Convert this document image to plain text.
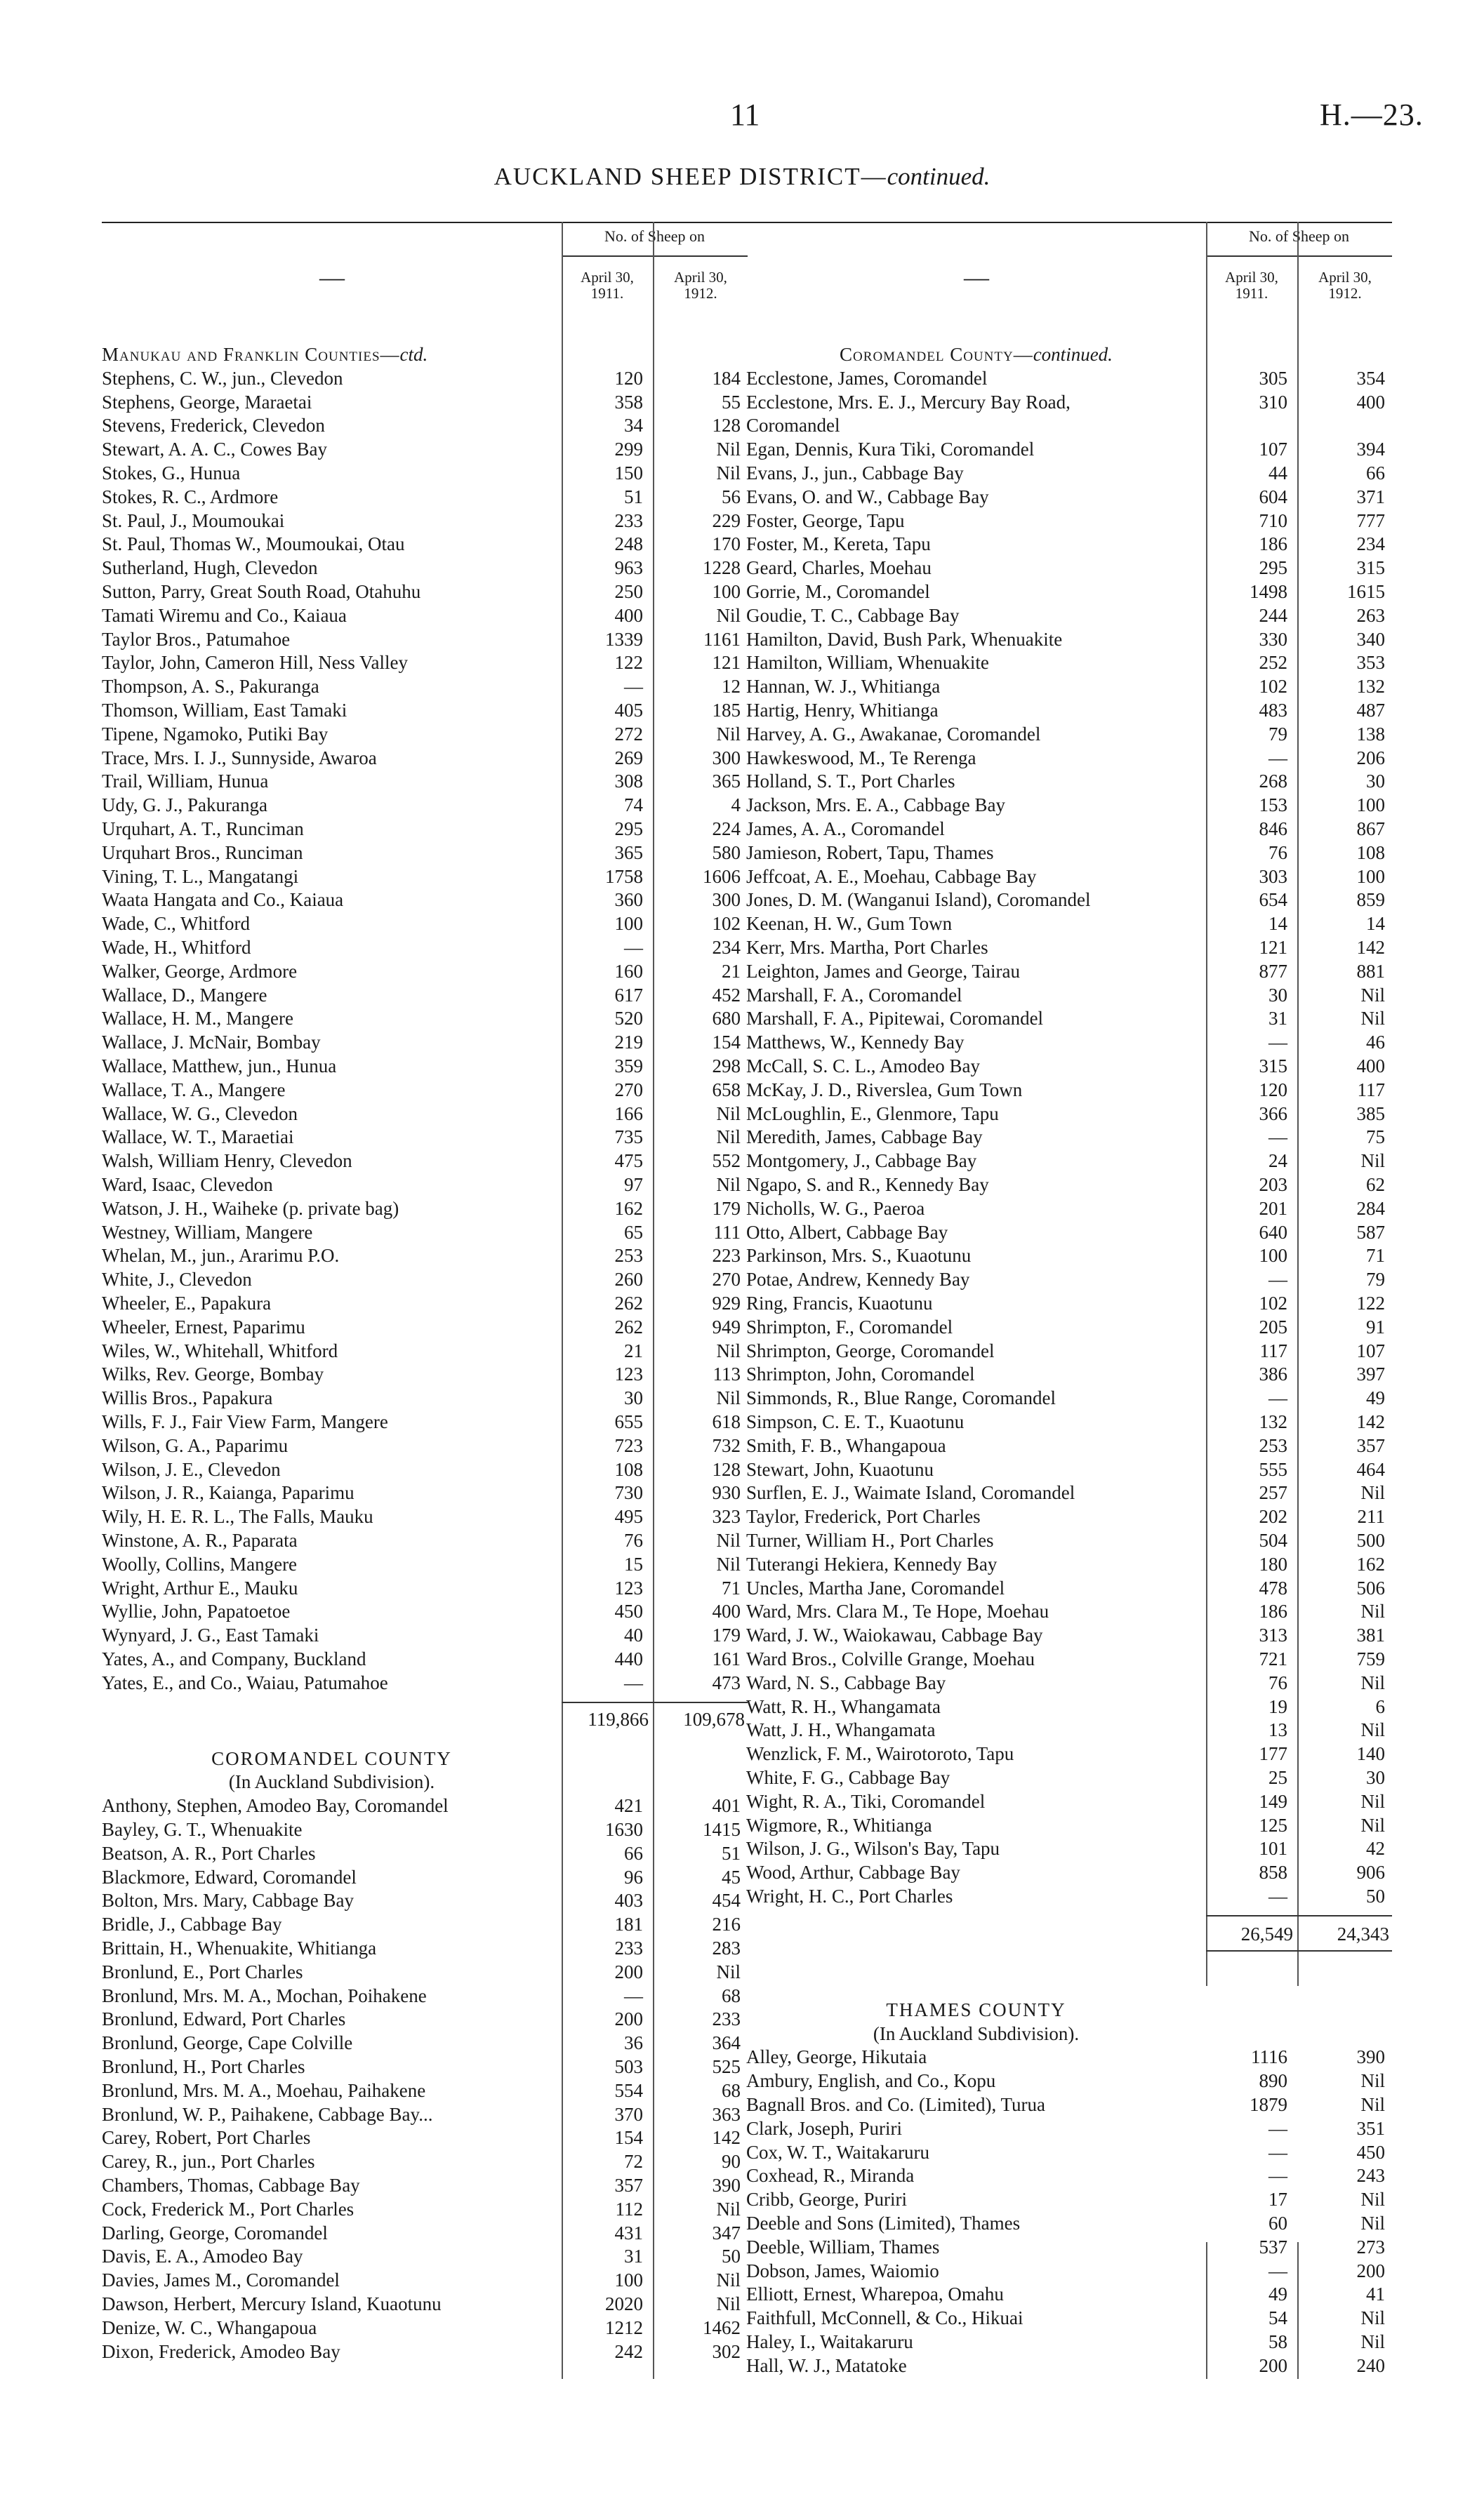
11	H.—23.
AUCKLAND SHEEP DISTRICT—continued.
—
No. of Sheep on
April 30, 1911.
April 30, 1912.
Manukau and Franklin Counties—ctd.
Stephens, C. W., jun., Clevedon	120	184
Stephens, George, Maraetai	358	55
Stevens, Frederick, Clevedon	34	128
Stewart, A. A. C., Cowes Bay	299	Nil
Stokes, G., Hunua	150	Nil
Stokes, R. C., Ardmore	51	56
St. Paul, J., Moumoukai	233	229
St. Paul, Thomas W., Moumoukai, Otau	248	170
Sutherland, Hugh, Clevedon	963	1228
Sutton, Parry, Great South Road, Otahuhu	250	100
Tamati Wiremu and Co., Kaiaua	400	Nil
Taylor Bros., Patumahoe	1339	1161
Taylor, John, Cameron Hill, Ness Valley	122	121
Thompson, A. S., Pakuranga	—	12
Thomson, William, East Tamaki	405	185
Tipene, Ngamoko, Putiki Bay	272	Nil
Trace, Mrs. I. J., Sunnyside, Awaroa	269	300
Trail, William, Hunua	308	365
Udy, G. J., Pakuranga	74	4
Urquhart, A. T., Runciman	295	224
Urquhart Bros., Runciman	365	580
Vining, T. L., Mangatangi	1758	1606
Waata Hangata and Co., Kaiaua	360	300
Wade, C., Whitford	100	102
Wade, H., Whitford	—	234
Walker, George, Ardmore	160	21
Wallace, D., Mangere	617	452
Wallace, H. M., Mangere	520	680
Wallace, J. McNair, Bombay	219	154
Wallace, Matthew, jun., Hunua	359	298
Wallace, T. A., Mangere	270	658
Wallace, W. G., Clevedon	166	Nil
Wallace, W. T., Maraetiai	735	Nil
Walsh, William Henry, Clevedon	475	552
Ward, Isaac, Clevedon	97	Nil
Watson, J. H., Waiheke (p. private bag)	162	179
Westney, William, Mangere	65	111
Whelan, M., jun., Ararimu P.O.	253	223
White, J., Clevedon	260	270
Wheeler, E., Papakura	262	929
Wheeler, Ernest, Paparimu	262	949
Wiles, W., Whitehall, Whitford	21	Nil
Wilks, Rev. George, Bombay	123	113
Willis Bros., Papakura	30	Nil
Wills, F. J., Fair View Farm, Mangere	655	618
Wilson, G. A., Paparimu	723	732
Wilson, J. E., Clevedon	108	128
Wilson, J. R., Kaianga, Paparimu	730	930
Wily, H. E. R. L., The Falls, Mauku	495	323
Winstone, A. R., Paparata	76	Nil
Woolly, Collins, Mangere	15	Nil
Wright, Arthur E., Mauku	123	71
Wyllie, John, Papatoetoe	450	400
Wynyard, J. G., East Tamaki	40	179
Yates, A., and Company, Buckland	440	161
Yates, E., and Co., Waiau, Patumahoe	—	473
119,866	109,678
COROMANDEL COUNTY
(In Auckland Subdivision).
Anthony, Stephen, Amodeo Bay, Coromandel	421	401
Bayley, G. T., Whenuakite	1630	1415
Beatson, A. R., Port Charles	66	51
Blackmore, Edward, Coromandel	96	45
Bolton, Mrs. Mary, Cabbage Bay	403	454
Bridle, J., Cabbage Bay	181	216
Brittain, H., Whenuakite, Whitianga	233	283
Bronlund, E., Port Charles	200	Nil
Bronlund, Mrs. M. A., Mochan, Poihakene	—	68
Bronlund, Edward, Port Charles	200	233
Bronlund, George, Cape Colville	36	364
Bronlund, H., Port Charles	503	525
Bronlund, Mrs. M. A., Moehau, Paihakene	554	68
Bronlund, W. P., Paihakene, Cabbage Bay...	370	363
Carey, Robert, Port Charles	154	142
Carey, R., jun., Port Charles	72	90
Chambers, Thomas, Cabbage Bay	357	390
Cock, Frederick M., Port Charles	112	Nil
Darling, George, Coromandel	431	347
Davis, E. A., Amodeo Bay	31	50
Davies, James M., Coromandel	100	Nil
Dawson, Herbert, Mercury Island, Kuaotunu	2020	Nil
Denize, W. C., Whangapoua	1212	1462
Dixon, Frederick, Amodeo Bay	242	302
—
No. of Sheep on
April 30, 1911.
April 30, 1912.
Coromandel County—continued.
Ecclestone, James, Coromandel	305	354
Ecclestone, Mrs. E. J., Mercury Bay Road,	310	400
Coromandel
Egan, Dennis, Kura Tiki, Coromandel	107	394
Evans, J., jun., Cabbage Bay	44	66
Evans, O. and W., Cabbage Bay	604	371
Foster, George, Tapu	710	777
Foster, M., Kereta, Tapu	186	234
Geard, Charles, Moehau	295	315
Gorrie, M., Coromandel	1498	1615
Goudie, T. C., Cabbage Bay	244	263
Hamilton, David, Bush Park, Whenuakite	330	340
Hamilton, William, Whenuakite	252	353
Hannan, W. J., Whitianga	102	132
Hartig, Henry, Whitianga	483	487
Harvey, A. G., Awakanae, Coromandel	79	138
Hawkeswood, M., Te Rerenga	—	206
Holland, S. T., Port Charles	268	30
Jackson, Mrs. E. A., Cabbage Bay	153	100
James, A. A., Coromandel	846	867
Jamieson, Robert, Tapu, Thames	76	108
Jeffcoat, A. E., Moehau, Cabbage Bay	303	100
Jones, D. M. (Wanganui Island), Coromandel	654	859
Keenan, H. W., Gum Town	14	14
Kerr, Mrs. Martha, Port Charles	121	142
Leighton, James and George, Tairau	877	881
Marshall, F. A., Coromandel	30	Nil
Marshall, F. A., Pipitewai, Coromandel	31	Nil
Matthews, W., Kennedy Bay	—	46
McCall, S. C. L., Amodeo Bay	315	400
McKay, J. D., Riverslea, Gum Town	120	117
McLoughlin, E., Glenmore, Tapu	366	385
Meredith, James, Cabbage Bay	—	75
Montgomery, J., Cabbage Bay	24	Nil
Ngapo, S. and R., Kennedy Bay	203	62
Nicholls, W. G., Paeroa	201	284
Otto, Albert, Cabbage Bay	640	587
Parkinson, Mrs. S., Kuaotunu	100	71
Potae, Andrew, Kennedy Bay	—	79
Ring, Francis, Kuaotunu	102	122
Shrimpton, F., Coromandel	205	91
Shrimpton, George, Coromandel	117	107
Shrimpton, John, Coromandel	386	397
Simmonds, R., Blue Range, Coromandel	—	49
Simpson, C. E. T., Kuaotunu	132	142
Smith, F. B., Whangapoua	253	357
Stewart, John, Kuaotunu	555	464
Surflen, E. J., Waimate Island, Coromandel	257	Nil
Taylor, Frederick, Port Charles	202	211
Turner, William H., Port Charles	504	500
Tuterangi Hekiera, Kennedy Bay	180	162
Uncles, Martha Jane, Coromandel	478	506
Ward, Mrs. Clara M., Te Hope, Moehau	186	Nil
Ward, J. W., Waiokawau, Cabbage Bay	313	381
Ward Bros., Colville Grange, Moehau	721	759
Ward, N. S., Cabbage Bay	76	Nil
Watt, R. H., Whangamata	19	6
Watt, J. H., Whangamata	13	Nil
Wenzlick, F. M., Wairotoroto, Tapu	177	140
White, F. G., Cabbage Bay	25	30
Wight, R. A., Tiki, Coromandel	149	Nil
Wigmore, R., Whitianga	125	Nil
Wilson, J. G., Wilson's Bay, Tapu	101	42
Wood, Arthur, Cabbage Bay	858	906
Wright, H. C., Port Charles	—	50
26,549	24,343
THAMES COUNTY
(In Auckland Subdivision).
Alley, George, Hikutaia	1116	390
Ambury, English, and Co., Kopu	890	Nil
Bagnall Bros. and Co. (Limited), Turua	1879	Nil
Clark, Joseph, Puriri	—	351
Cox, W. T., Waitakaruru	—	450
Coxhead, R., Miranda	—	243
Cribb, George, Puriri	17	Nil
Deeble and Sons (Limited), Thames	60	Nil
Deeble, William, Thames	537	273
Dobson, James, Waiomio	—	200
Elliott, Ernest, Wharepoa, Omahu	49	41
Faithfull, McConnell, & Co., Hikuai	54	Nil
Haley, I., Waitakaruru	58	Nil
Hall, W. J., Matatoke	200	240
